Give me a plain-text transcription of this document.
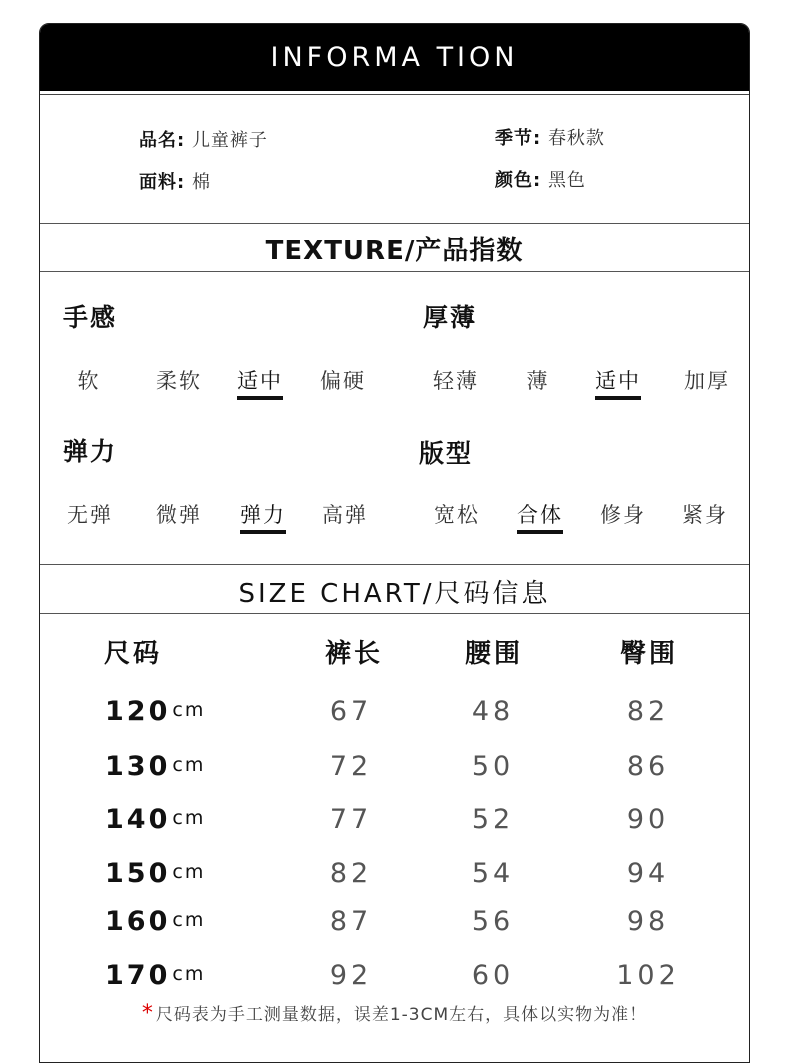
INFORMA TION
品名: 儿童裤子	季节: 春秋款
面料: 棉	颜色: 黑色
TEXTURE/产品指数
手感	厚薄
软	柔软	适中	偏硬	轻薄	薄	适中	加厚
弹力	版型
无弹	微弹	弹力	高弹	宽松	合体	修身	紧身
SIZE CHART/尺码信息
尺码	裤长	腰围	臀围
120 cm	67	48	82
130 cm	72	50	86
140 cm	77	52	90
150 cm	82	54	94
160 cm	87	56	98
170 cm	92	60	102
* 尺码表为手工测量数据，误差1-3CM左右，具体以实物为准！
